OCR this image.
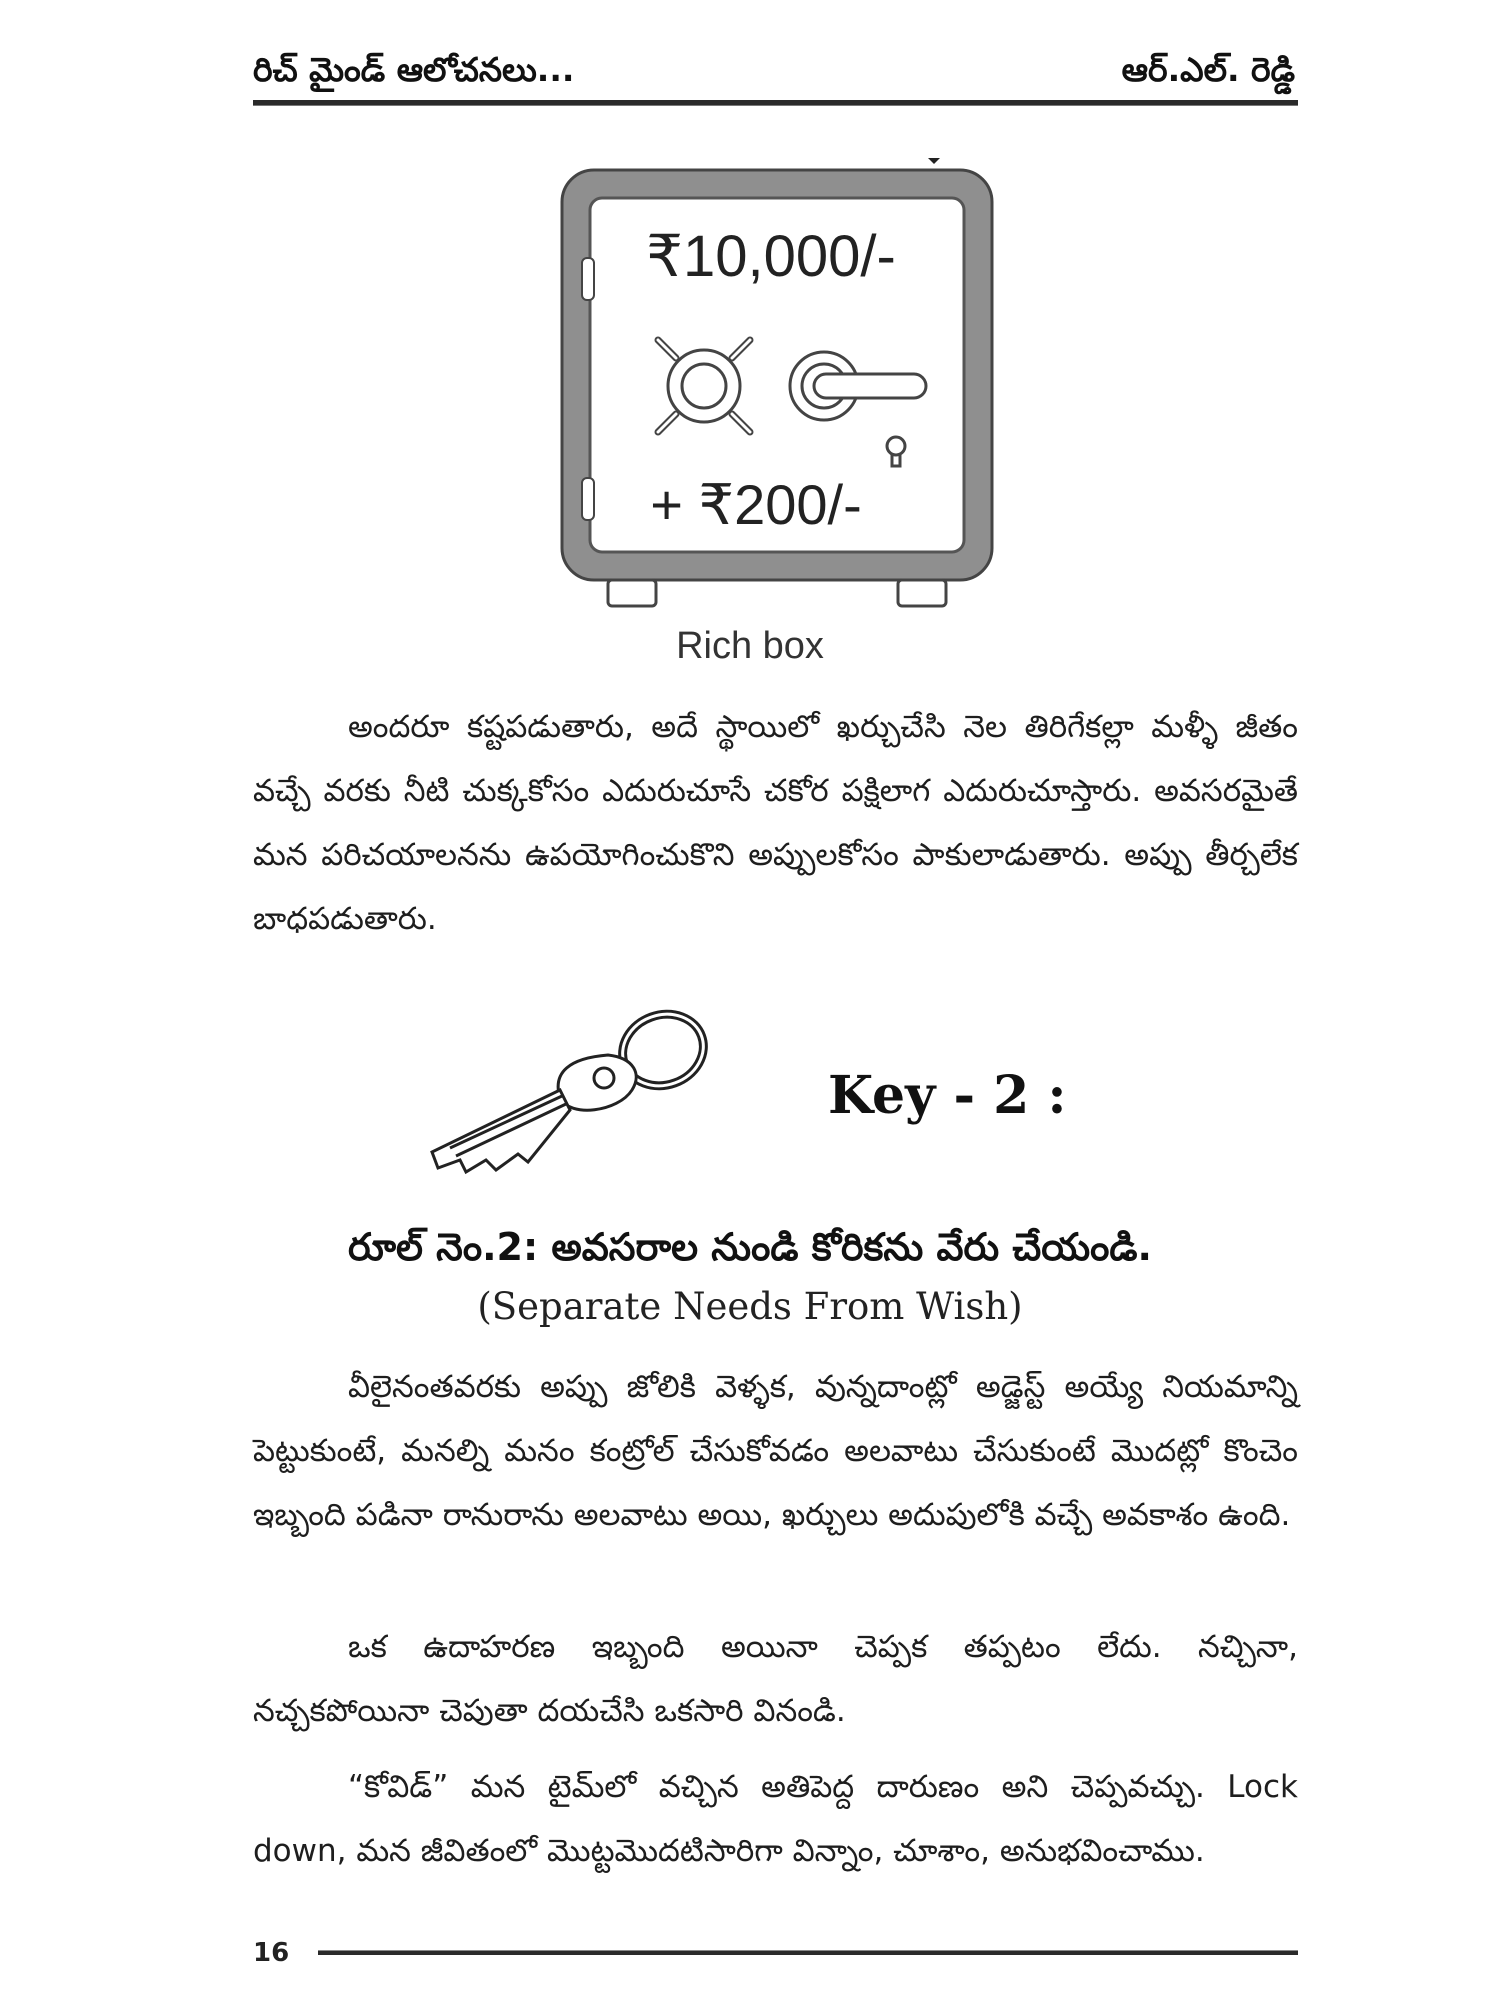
రిచ్ మైండ్ ఆలోచనలు...	ఆర్.ఎల్. రెడ్డి
₹10,000/-
+ ₹200/-
Rich box

అందరూ కష్టపడుతారు, అదే స్థాయిలో ఖర్చుచేసి నెల తిరిగేకల్లా మళ్ళీ జీతం వచ్చే వరకు నీటి చుక్కకోసం ఎదురుచూసే చకోర పక్షిలాగ ఎదురుచూస్తారు. అవసరమైతే మన పరిచయాలనను ఉపయోగించుకొని అప్పులకోసం పాకులాడుతారు. అప్పు తీర్చలేక బాధపడుతారు.

Key - 2 :
రూల్ నెం.2: అవసరాల నుండి కోరికను వేరు చేయండి.
(Separate Needs From Wish)

వీలైనంతవరకు అప్పు జోలికి వెళ్ళక, వున్నదాంట్లో అడ్జెస్ట్ అయ్యే నియమాన్ని పెట్టుకుంటే, మనల్ని మనం కంట్రోల్ చేసుకోవడం అలవాటు చేసుకుంటే మొదట్లో కొంచెం ఇబ్బంది పడినా రానురాను అలవాటు అయి, ఖర్చులు అదుపులోకి వచ్చే అవకాశం ఉంది.

ఒక ఉదాహరణ ఇబ్బంది అయినా చెప్పక తప్పటం లేదు. నచ్చినా, నచ్చకపోయినా చెపుతా దయచేసి ఒకసారి వినండి.

“కోవిడ్” మన టైమ్‌లో వచ్చిన అతిపెద్ద దారుణం అని చెప్పవచ్చు. Lock down, మన జీవితంలో మొట్టమొదటిసారిగా విన్నాం, చూశాం, అనుభవించాము.

16
